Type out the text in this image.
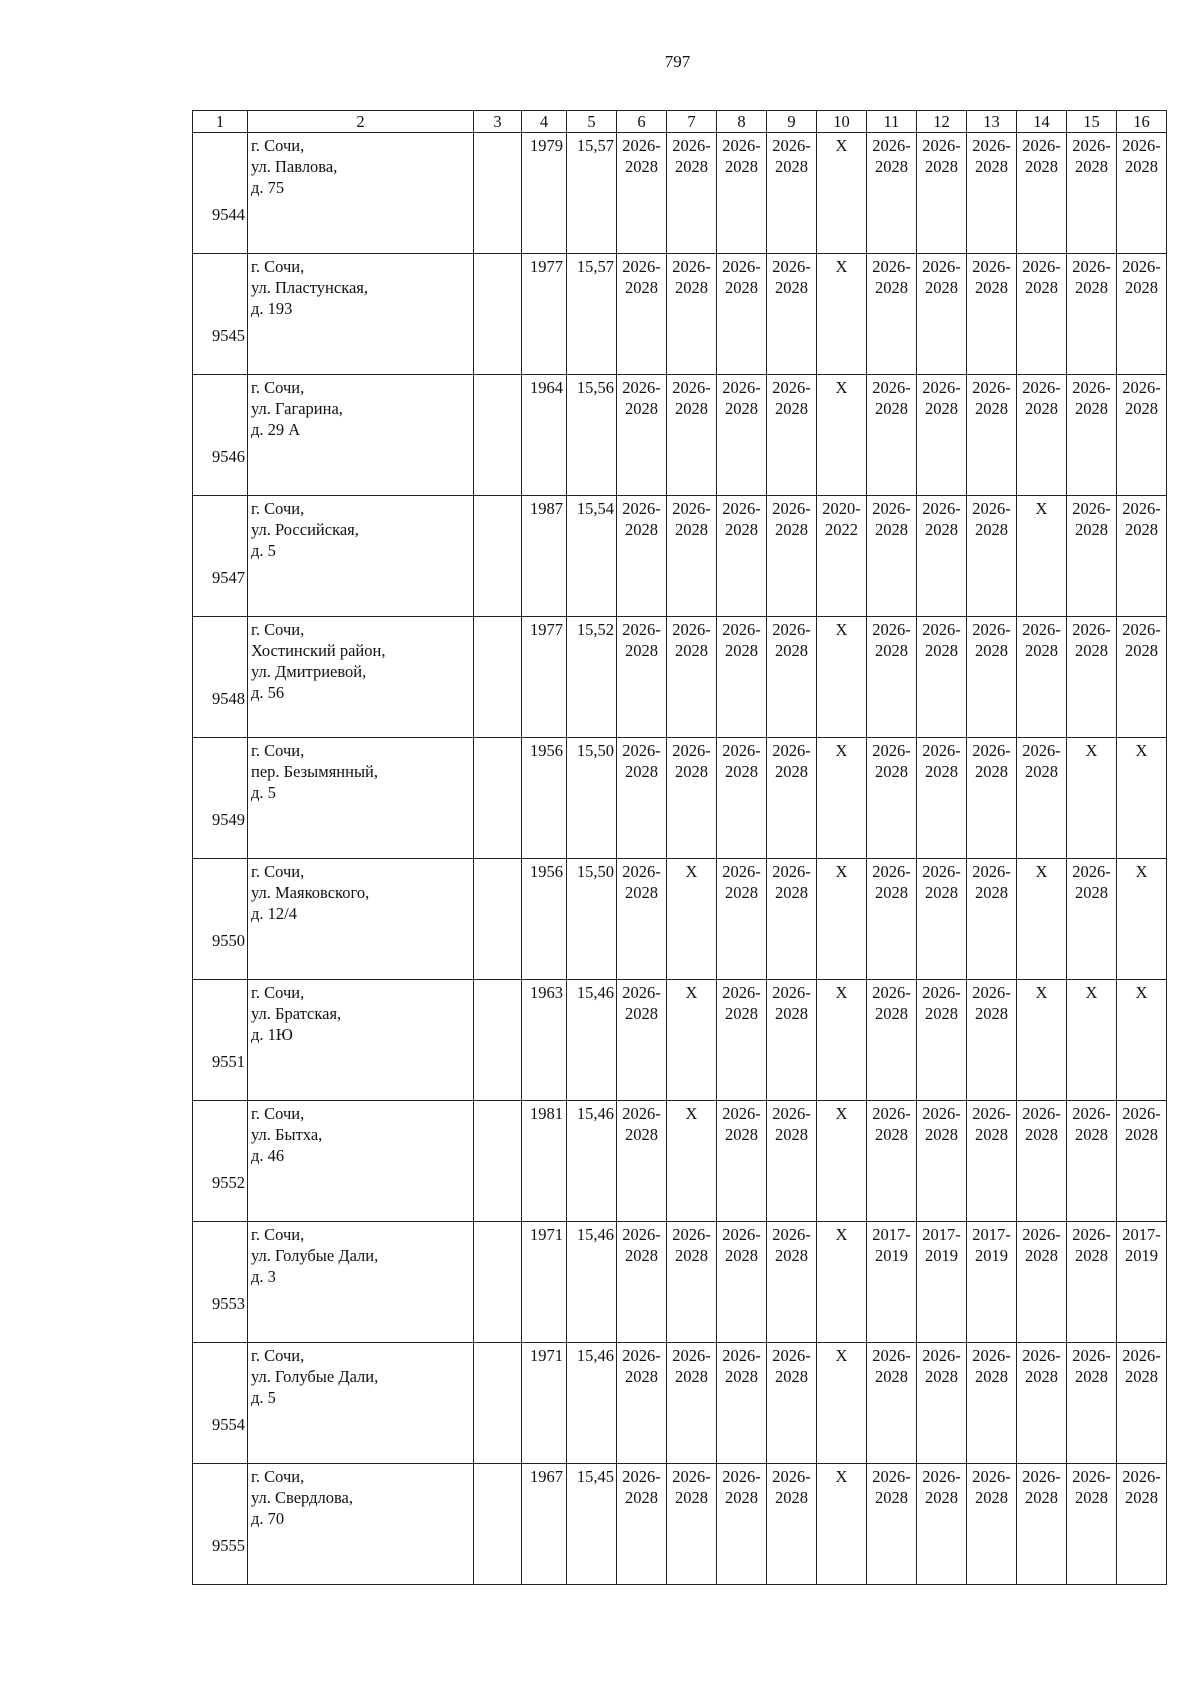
797
1	2	3	4	5	6	7	8	9	10	11	12	13	14	15	16
9544	г. Сочи,
ул. Павлова,
д. 75		1979	15,57	2026-
2028	2026-
2028	2026-
2028	2026-
2028	X	2026-
2028	2026-
2028	2026-
2028	2026-
2028	2026-
2028	2026-
2028

9545	г. Сочи,
ул. Пластунская,
д. 193		1977	15,57	2026-
2028	2026-
2028	2026-
2028	2026-
2028	X	2026-
2028	2026-
2028	2026-
2028	2026-
2028	2026-
2028	2026-
2028

9546	г. Сочи,
ул. Гагарина,
д. 29 А		1964	15,56	2026-
2028	2026-
2028	2026-
2028	2026-
2028	X	2026-
2028	2026-
2028	2026-
2028	2026-
2028	2026-
2028	2026-
2028

9547	г. Сочи,
ул. Российская,
д. 5		1987	15,54	2026-
2028	2026-
2028	2026-
2028	2026-
2028	2020-
2022	2026-
2028	2026-
2028	2026-
2028	X	2026-
2028	2026-
2028

9548	г. Сочи,
Хостинский район,
ул. Дмитриевой,
д. 56		1977	15,52	2026-
2028	2026-
2028	2026-
2028	2026-
2028	X	2026-
2028	2026-
2028	2026-
2028	2026-
2028	2026-
2028	2026-
2028

9549	г. Сочи,
пер. Безымянный,
д. 5		1956	15,50	2026-
2028	2026-
2028	2026-
2028	2026-
2028	X	2026-
2028	2026-
2028	2026-
2028	2026-
2028	X	X

9550	г. Сочи,
ул. Маяковского,
д. 12/4		1956	15,50	2026-
2028	X	2026-
2028	2026-
2028	X	2026-
2028	2026-
2028	2026-
2028	X	2026-
2028	X

9551	г. Сочи,
ул. Братская,
д. 1Ю		1963	15,46	2026-
2028	X	2026-
2028	2026-
2028	X	2026-
2028	2026-
2028	2026-
2028	X	X	X

9552	г. Сочи,
ул. Бытха,
д. 46		1981	15,46	2026-
2028	X	2026-
2028	2026-
2028	X	2026-
2028	2026-
2028	2026-
2028	2026-
2028	2026-
2028	2026-
2028

9553	г. Сочи,
ул. Голубые Дали,
д. 3		1971	15,46	2026-
2028	2026-
2028	2026-
2028	2026-
2028	X	2017-
2019	2017-
2019	2017-
2019	2026-
2028	2026-
2028	2017-
2019

9554	г. Сочи,
ул. Голубые Дали,
д. 5		1971	15,46	2026-
2028	2026-
2028	2026-
2028	2026-
2028	X	2026-
2028	2026-
2028	2026-
2028	2026-
2028	2026-
2028	2026-
2028

9555	г. Сочи,
ул. Свердлова,
д. 70		1967	15,45	2026-
2028	2026-
2028	2026-
2028	2026-
2028	X	2026-
2028	2026-
2028	2026-
2028	2026-
2028	2026-
2028	2026-
2028
